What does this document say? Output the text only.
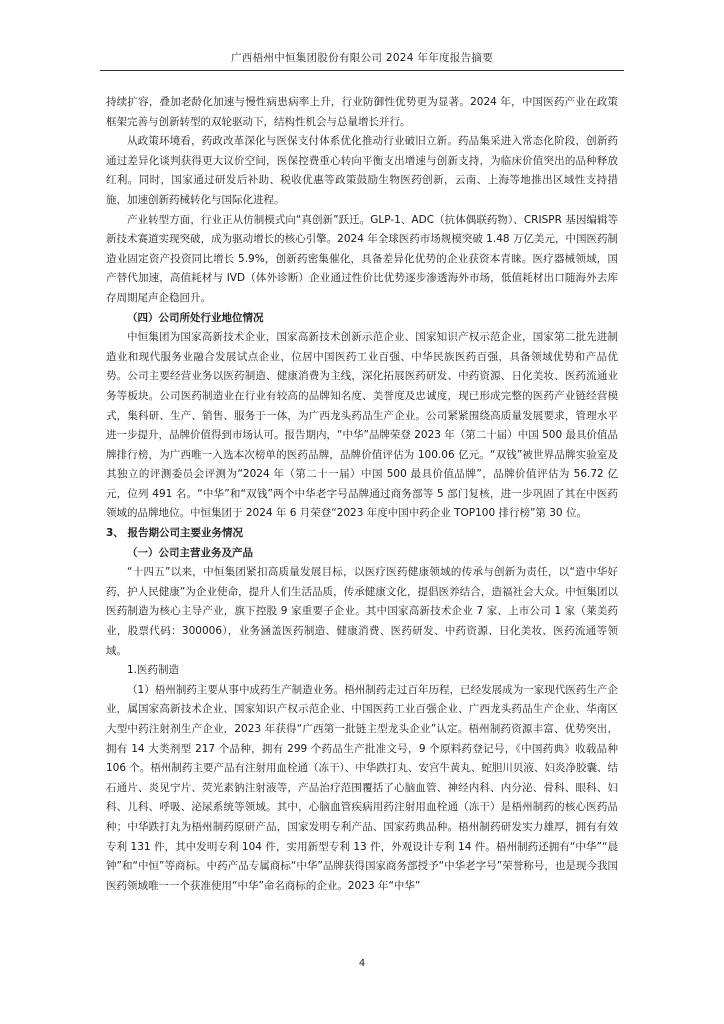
广西梧州中恒集团股份有限公司 2024 年年度报告摘要

持续扩容，叠加老龄化加速与慢性病患病率上升，行业防御性优势更为显著。2024 年，中国医药产业在政策框架完善与创新转型的双轮驱动下，结构性机会与总量增长并行。

从政策环境看，药政改革深化与医保支付体系优化推动行业破旧立新。药品集采进入常态化阶段，创新药通过差异化谈判获得更大议价空间，医保控费重心转向平衡支出增速与创新支持，为临床价值突出的品种释放红利。同时，国家通过研发后补助、税收优惠等政策鼓励生物医药创新，云南、上海等地推出区域性支持措施，加速创新药械转化与国际化进程。

产业转型方面，行业正从仿制模式向“真创新”跃迁。GLP-1、ADC（抗体偶联药物）、CRISPR 基因编辑等新技术赛道实现突破，成为驱动增长的核心引擎。2024 年全球医药市场规模突破 1.48 万亿美元，中国医药制造业固定资产投资同比增长 5.9%，创新药密集催化，具备差异化优势的企业获资本青睐。医疗器械领域，国产替代加速，高值耗材与 IVD（体外诊断）企业通过性价比优势逐步渗透海外市场，低值耗材出口随海外去库存周期尾声企稳回升。

（四）公司所处行业地位情况

中恒集团为国家高新技术企业，国家高新技术创新示范企业、国家知识产权示范企业，国家第二批先进制造业和现代服务业融合发展试点企业，位居中国医药工业百强、中华民族医药百强，具备领域优势和产品优势。公司主要经营业务以医药制造、健康消费为主线，深化拓展医药研发、中药资源、日化美妆、医药流通业务等板块。公司医药制造业在行业有较高的品牌知名度、美誉度及忠诚度，现已形成完整的医药产业链经营模式，集科研、生产、销售、服务于一体，为广西龙头药品生产企业。公司紧紧围绕高质量发展要求，管理水平进一步提升，品牌价值得到市场认可。报告期内，“中华”品牌荣登 2023 年（第二十届）中国 500 最具价值品牌排行榜，为广西唯一入选本次榜单的医药品牌，品牌价值评估为 100.06 亿元。“双钱”被世界品牌实验室及其独立的评测委员会评测为“2024 年（第二十一届）中国 500 最具价值品牌”，品牌价值评估为 56.72 亿元，位列 491 名。“中华”和“双钱”两个中华老字号品牌通过商务部等 5 部门复核，进一步巩固了其在中医药领域的品牌地位。中恒集团于 2024 年 6 月荣登“2023 年度中国中药企业 TOP100 排行榜”第 30 位。

3、 报告期公司主要业务情况
（一）公司主营业务及产品

“十四五”以来，中恒集团紧扣高质量发展目标，以医疗医药健康领域的传承与创新为责任，以“造中华好药，护人民健康”为企业使命，提升人们生活品质，传承健康文化，提倡医养结合，造福社会大众。中恒集团以医药制造为核心主导产业，旗下控股 9 家重要子企业。其中国家高新技术企业 7 家、上市公司 1 家（莱美药业，股票代码：300006），业务涵盖医药制造、健康消费、医药研发、中药资源、日化美妆、医药流通等领域。

1.医药制造

（1）梧州制药主要从事中成药生产制造业务。梧州制药走过百年历程，已经发展成为一家现代医药生产企业，属国家高新技术企业、国家知识产权示范企业、中国医药工业百强企业、广西龙头药品生产企业、华南区大型中药注射剂生产企业，2023 年获得“广西第一批链主型龙头企业”认定。梧州制药资源丰富、优势突出，拥有 14 大类剂型 217 个品种，拥有 299 个药品生产批准文号，9 个原料药登记号，《中国药典》收载品种 106 个。梧州制药主要产品有注射用血栓通（冻干）、中华跌打丸、安宫牛黄丸、蛇胆川贝液、妇炎净胶囊、结石通片、炎见宁片、荧光素钠注射液等，产品治疗范围覆括了心脑血管、神经内科、内分泌、骨科、眼科、妇科、儿科、呼吸、泌尿系统等领域。其中，心脑血管疾病用药注射用血栓通（冻干）是梧州制药的核心医药品种；中华跌打丸为梧州制药原研产品，国家发明专利产品、国家药典品种。梧州制药研发实力雄厚，拥有有效专利 131 件，其中发明专利 104 件，实用新型专利 13 件，外观设计专利 14 件。梧州制药还拥有“中华”“晨钟”和“中恒”等商标。中药产品专属商标“中华”品牌获得国家商务部授予“中华老字号”荣誉称号，也是现今我国医药领域唯一一个获准使用“中华”命名商标的企业。2023 年“中华”

4
